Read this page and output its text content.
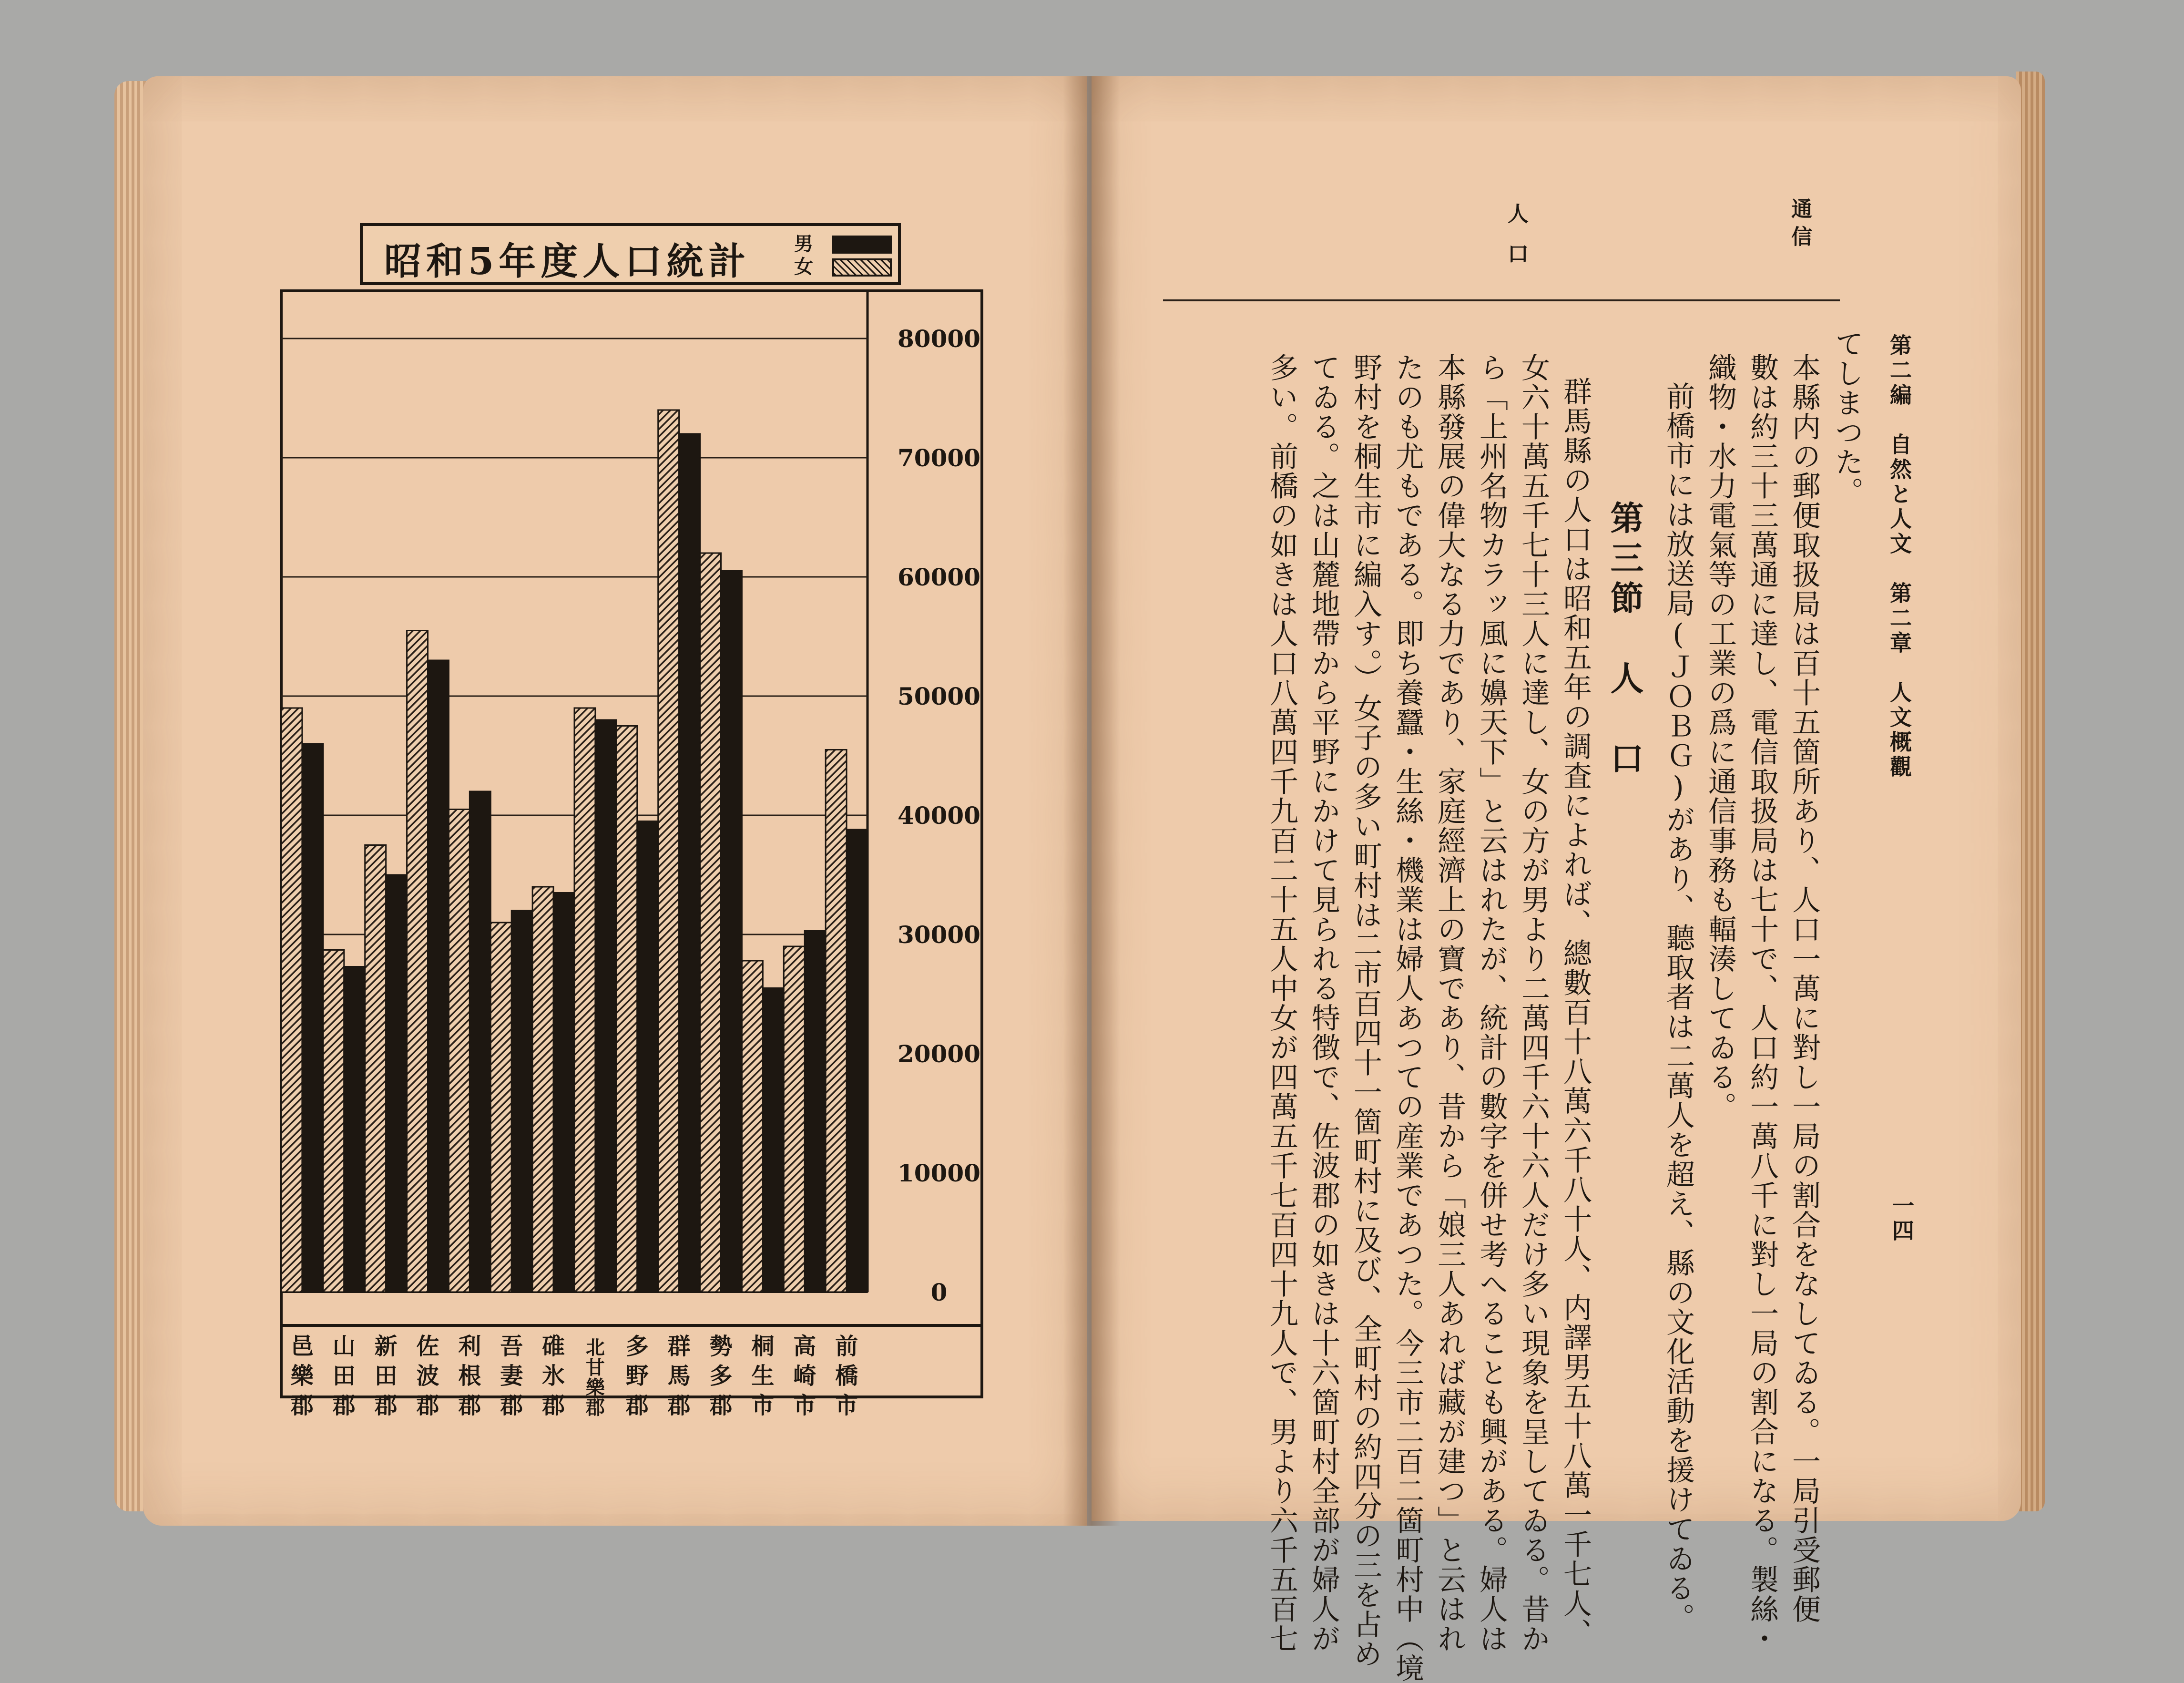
昭和5年度人口統計 男
女
80000
70000
60000
50000
40000
30000
20000
10000
0
邑樂郡
山田郡
新田郡
佐波郡
利根郡
吾妻郡
碓氷郡
北甘樂郡
多野郡
群馬郡
勢多郡
桐生市
高崎市
前橋市
第二編　自然と人文　第二章　人文概觀
一四
通信
人口
てしまつた。
本縣内の郵便取扱局は百十五箇所あり、人口一萬に對し一局の割合をなしてゐる。一局引受郵便
數は約三十三萬通に達し、電信取扱局は七十で、人口約一萬八千に對し一局の割合になる。製絲・
織物・水力電氣等の工業の爲に通信事務も輻湊してゐる。
前橋市には放送局(ＪＯＢＧ)があり、聽取者は二萬人を超え、縣の文化活動を援けてゐる。
第三節　人　口
群馬縣の人口は昭和五年の調査によれば、總數百十八萬六千八十人、内譯男五十八萬一千七人、
女六十萬五千七十三人に達し、女の方が男より二萬四千六十六人だけ多い現象を呈してゐる。昔か
ら「上州名物カラッ風に嬶天下」と云はれたが、統計の數字を併せ考へることも興がある。婦人は
本縣發展の偉大なる力であり、家庭經濟上の寶であり、昔から「娘三人あれば藏が建つ」と云はれ
たのも尤もである。即ち養蠶・生絲・機業は婦人あつての産業であつた。今三市二百二箇町村中（境
野村を桐生市に編入す。）女子の多い町村は二市百四十一箇町村に及び、全町村の約四分の三を占め
てゐる。之は山麓地帶から平野にかけて見られる特徴で、佐波郡の如きは十六箇町村全部が婦人が
多い。前橋の如きは人口八萬四千九百二十五人中女が四萬五千七百四十九人で、男より六千五百七
